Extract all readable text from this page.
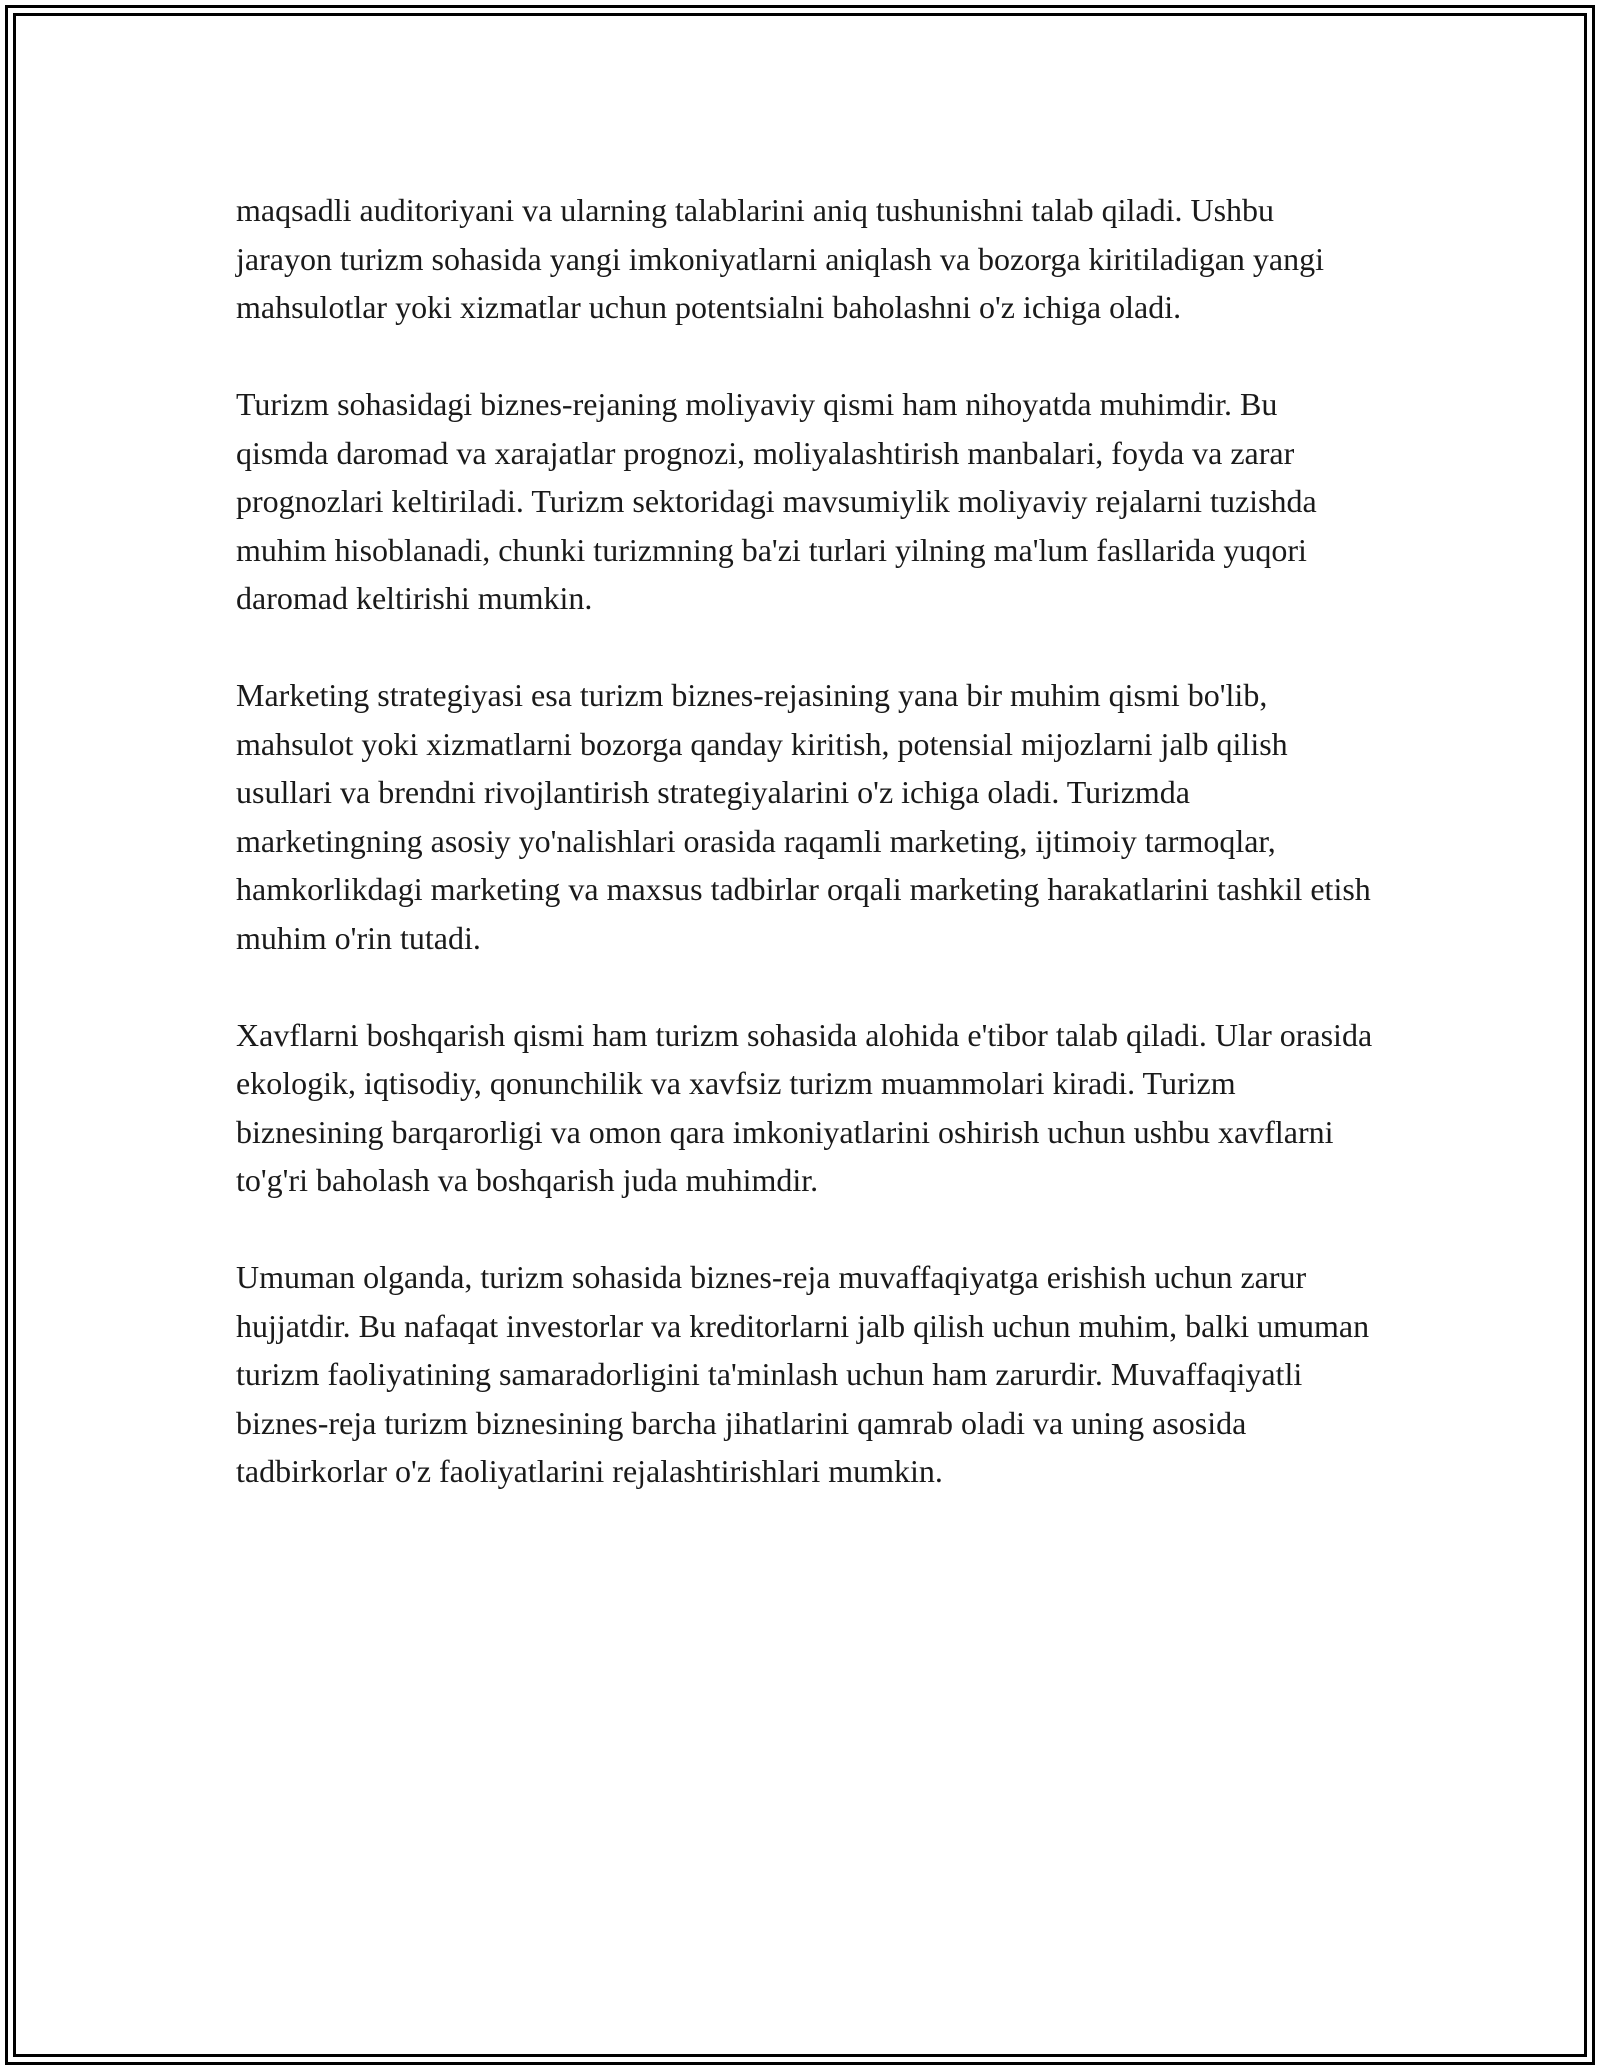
maqsadli auditoriyani va ularning talablarini aniq tushunishni talab qiladi. Ushbu jarayon turizm sohasida yangi imkoniyatlarni aniqlash va bozorga kiritiladigan yangi mahsulotlar yoki xizmatlar uchun potentsialni baholashni o'z ichiga oladi.

Turizm sohasidagi biznes-rejaning moliyaviy qismi ham nihoyatda muhimdir. Bu qismda daromad va xarajatlar prognozi, moliyalashtirish manbalari, foyda va zarar prognozlari keltiriladi. Turizm sektoridagi mavsumiylik moliyaviy rejalarni tuzishda muhim hisoblanadi, chunki turizmning ba'zi turlari yilning ma'lum fasllarida yuqori daromad keltirishi mumkin.

Marketing strategiyasi esa turizm biznes-rejasining yana bir muhim qismi bo'lib, mahsulot yoki xizmatlarni bozorga qanday kiritish, potensial mijozlarni jalb qilish usullari va brendni rivojlantirish strategiyalarini o'z ichiga oladi. Turizmda marketingning asosiy yo'nalishlari orasida raqamli marketing, ijtimoiy tarmoqlar, hamkorlikdagi marketing va maxsus tadbirlar orqali marketing harakatlarini tashkil etish muhim o'rin tutadi.

Xavflarni boshqarish qismi ham turizm sohasida alohida e'tibor talab qiladi. Ular orasida ekologik, iqtisodiy, qonunchilik va xavfsiz turizm muammolari kiradi. Turizm biznesining barqarorligi va omon qara imkoniyatlarini oshirish uchun ushbu xavflarni to'g'ri baholash va boshqarish juda muhimdir.

Umuman olganda, turizm sohasida biznes-reja muvaffaqiyatga erishish uchun zarur hujjatdir. Bu nafaqat investorlar va kreditorlarni jalb qilish uchun muhim, balki umuman turizm faoliyatining samaradorligini ta'minlash uchun ham zarurdir. Muvaffaqiyatli biznes-reja turizm biznesining barcha jihatlarini qamrab oladi va uning asosida tadbirkorlar o'z faoliyatlarini rejalashtirishlari mumkin.
